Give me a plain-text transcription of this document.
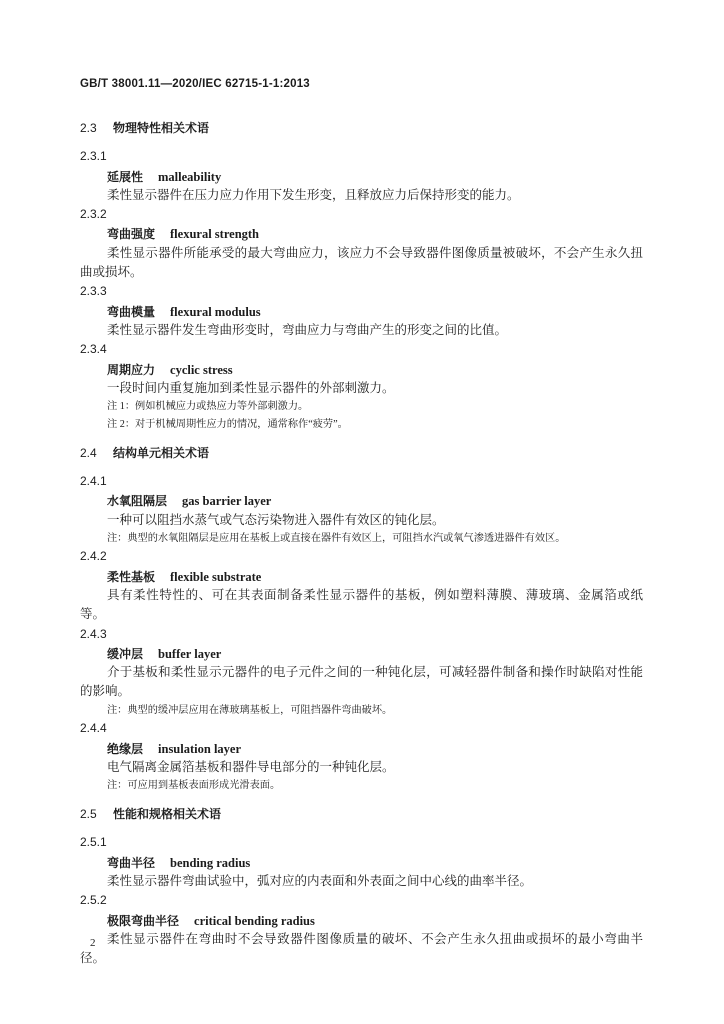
GB/T 38001.11—2020/IEC 62715-1-1:2013
2.3 物理特性相关术语
2.3.1
延展性 malleability
柔性显示器件在压力应力作用下发生形变，且释放应力后保持形变的能力。
2.3.2
弯曲强度 flexural strength
柔性显示器件所能承受的最大弯曲应力，该应力不会导致器件图像质量被破坏，不会产生永久扭曲或损坏。
2.3.3
弯曲模量 flexural modulus
柔性显示器件发生弯曲形变时，弯曲应力与弯曲产生的形变之间的比值。
2.3.4
周期应力 cyclic stress
一段时间内重复施加到柔性显示器件的外部刺激力。
注 1：例如机械应力或热应力等外部刺激力。
注 2：对于机械周期性应力的情况，通常称作“疲劳”。
2.4 结构单元相关术语
2.4.1
水氧阻隔层 gas barrier layer
一种可以阻挡水蒸气或气态污染物进入器件有效区的钝化层。
注：典型的水氧阻隔层是应用在基板上或直接在器件有效区上，可阻挡水汽或氧气渗透进器件有效区。
2.4.2
柔性基板 flexible substrate
具有柔性特性的、可在其表面制备柔性显示器件的基板，例如塑料薄膜、薄玻璃、金属箔或纸等。
2.4.3
缓冲层 buffer layer
介于基板和柔性显示元器件的电子元件之间的一种钝化层，可减轻器件制备和操作时缺陷对性能的影响。
注：典型的缓冲层应用在薄玻璃基板上，可阻挡器件弯曲破坏。
2.4.4
绝缘层 insulation layer
电气隔离金属箔基板和器件导电部分的一种钝化层。
注：可应用到基板表面形成光滑表面。
2.5 性能和规格相关术语
2.5.1
弯曲半径 bending radius
柔性显示器件弯曲试验中，弧对应的内表面和外表面之间中心线的曲率半径。
2.5.2
极限弯曲半径 critical bending radius
柔性显示器件在弯曲时不会导致器件图像质量的破坏、不会产生永久扭曲或损坏的最小弯曲半径。
2
